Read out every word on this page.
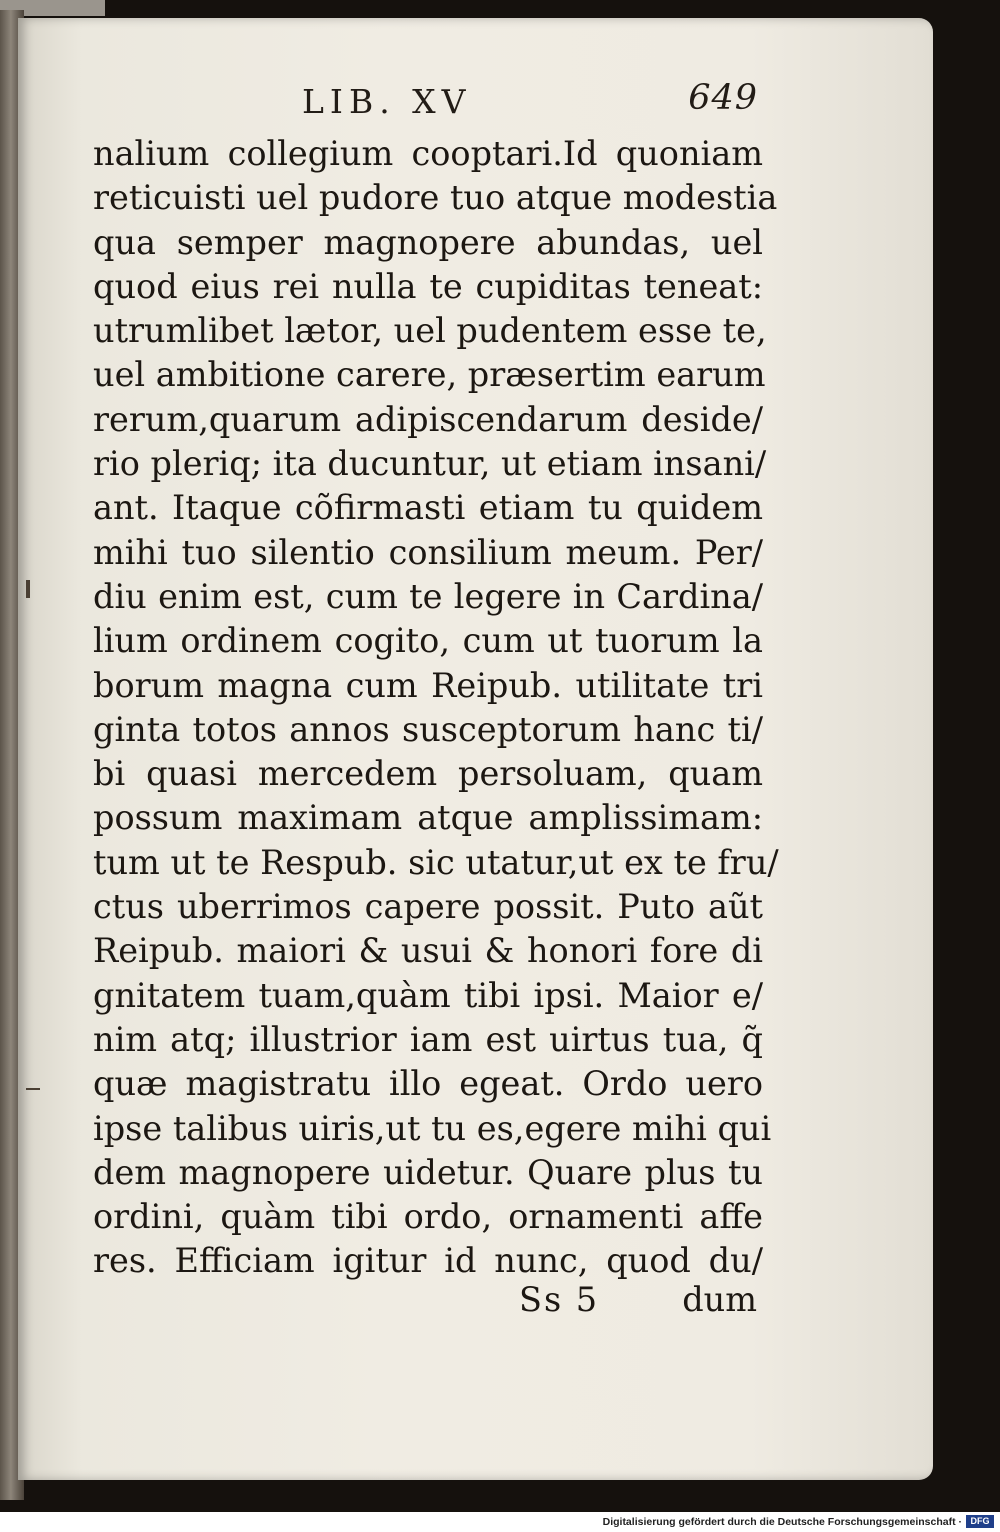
LIB. XV	649
nalium collegium cooptari.Id quoniam
reticuisti uel pudore tuo atque modestia
qua semper magnopere abundas, uel
quod eius rei nulla te cupiditas teneat:
utrumlibet lætor, uel pudentem esse te,
uel ambitione carere, præsertim earum
rerum,quarum adipiscendarum deside/
rio pleriq; ita ducuntur, ut etiam insani/
ant. Itaque cõfirmasti etiam tu quidem
mihi tuo silentio consilium meum. Per/
diu enim est, cum te legere in Cardina/
lium ordinem cogito, cum ut tuorum la
borum magna cum Reipub. utilitate tri
ginta totos annos susceptorum hanc ti/
bi quasi mercedem persoluam, quam
possum maximam atque amplissimam:
tum ut te Respub. sic utatur,ut ex te fru/
ctus uberrimos capere possit. Puto aũt
Reipub. maiori & usui & honori fore di
gnitatem tuam,quàm tibi ipsi. Maior e/
nim atq; illustrior iam est uirtus tua, q̃
quæ magistratu illo egeat. Ordo uero
ipse talibus uiris,ut tu es,egere mihi qui
dem magnopere uidetur. Quare plus tu
ordini, quàm tibi ordo, ornamenti affe
res. Efficiam igitur id nunc, quod du/
Ss 5 dum
Digitalisierung gefördert durch die Deutsche Forschungsgemeinschaft · DFG
